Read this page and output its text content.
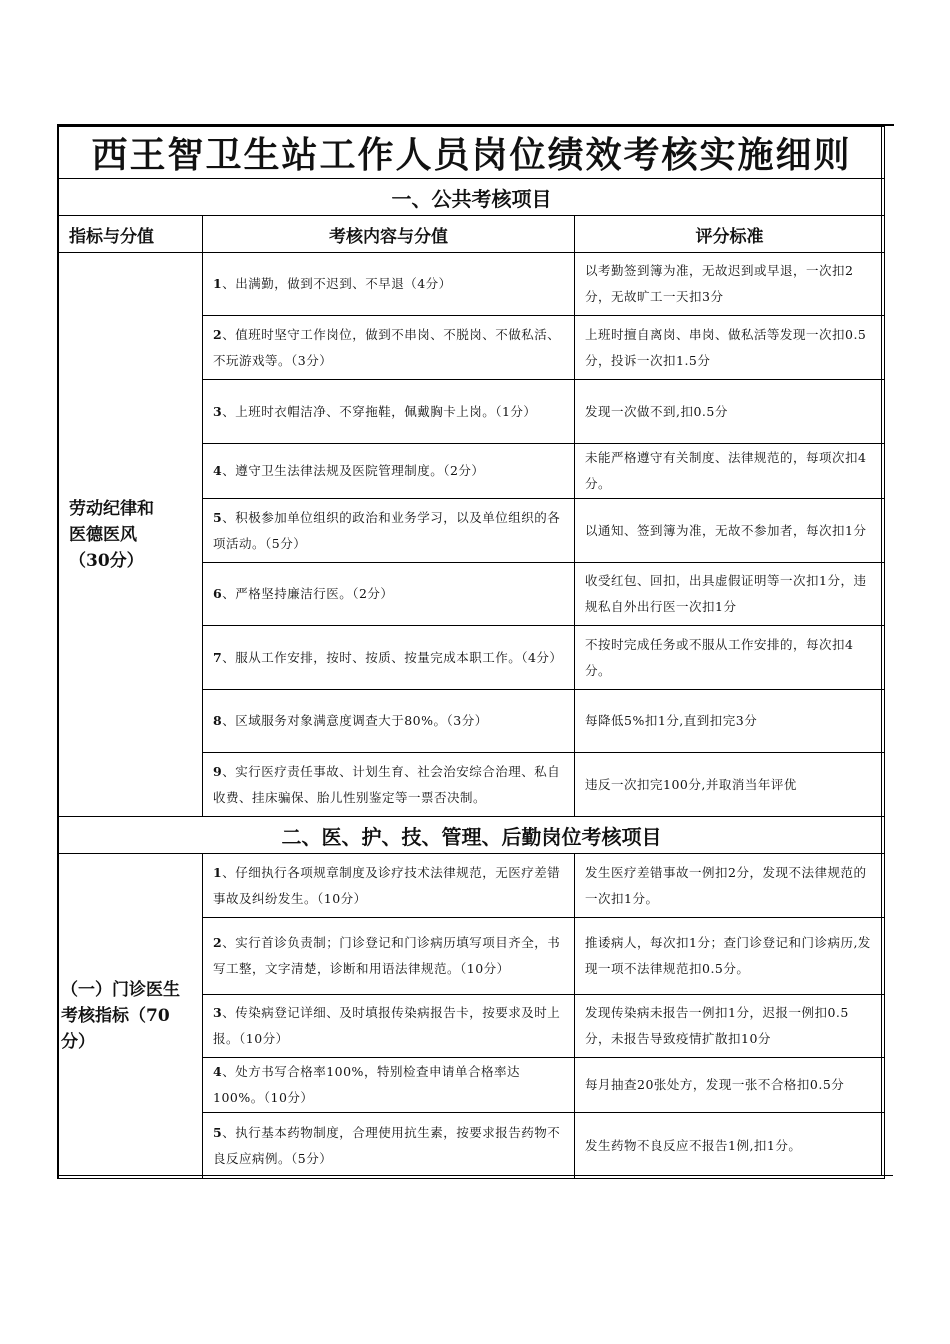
西王智卫生站工作人员岗位绩效考核实施细则		
一、公共考核项目		
指标与分值	考核内容与分值	评分标准

劳动纪律和
医德医风
（30分）	1、出满勤，做到不迟到、不早退（4分）	以考勤签到簿为准，无故迟到或早退，一次扣2分，无故旷工一天扣3分
	2、值班时坚守工作岗位，做到不串岗、不脱岗、不做私活、不玩游戏等。（3分）	上班时擅自离岗、串岗、做私活等发现一次扣0.5分，投诉一次扣1.5分
	3、上班时衣帽洁净、不穿拖鞋，佩戴胸卡上岗。（1分）	发现一次做不到,扣0.5分
	4、遵守卫生法律法规及医院管理制度。（2分）	未能严格遵守有关制度、法律规范的，每项次扣4分。
	5、积极参加单位组织的政治和业务学习，以及单位组织的各项活动。（5分）	以通知、签到簿为准，无故不参加者，每次扣1分
	6、严格坚持廉洁行医。（2分）	收受红包、回扣，出具虚假证明等一次扣1分，违规私自外出行医一次扣1分
	7、服从工作安排，按时、按质、按量完成本职工作。（4分）	不按时完成任务或不服从工作安排的，每次扣4分。
	8、区域服务对象满意度调查大于80%。（3分）	每降低5%扣1分,直到扣完3分
	9、实行医疗责任事故、计划生育、社会治安综合治理、私自收费、挂床骗保、胎儿性别鉴定等一票否决制。	违反一次扣完100分,并取消当年评优
二、医、护、技、管理、后勤岗位考核项目		

（一）门诊医生
考核指标（70
分）	1、仔细执行各项规章制度及诊疗技术法律规范，无医疗差错事故及纠纷发生。（10分）	发生医疗差错事故一例扣2分，发现不法律规范的一次扣1分。
	2、实行首诊负责制；门诊登记和门诊病历填写项目齐全，书写工整，文字清楚，诊断和用语法律规范。（10分）	推诿病人，每次扣1分；查门诊登记和门诊病历,发现一项不法律规范扣0.5分。
	3、传染病登记详细、及时填报传染病报告卡，按要求及时上报。（10分）	发现传染病未报告一例扣1分，迟报一例扣0.5分，未报告导致疫情扩散扣10分
	4、处方书写合格率100%，特别检查申请单合格率达100%。（10分）	每月抽查20张处方，发现一张不合格扣0.5分
	5、执行基本药物制度，合理使用抗生素，按要求报告药物不良反应病例。（5分）	发生药物不良反应不报告1例,扣1分。
